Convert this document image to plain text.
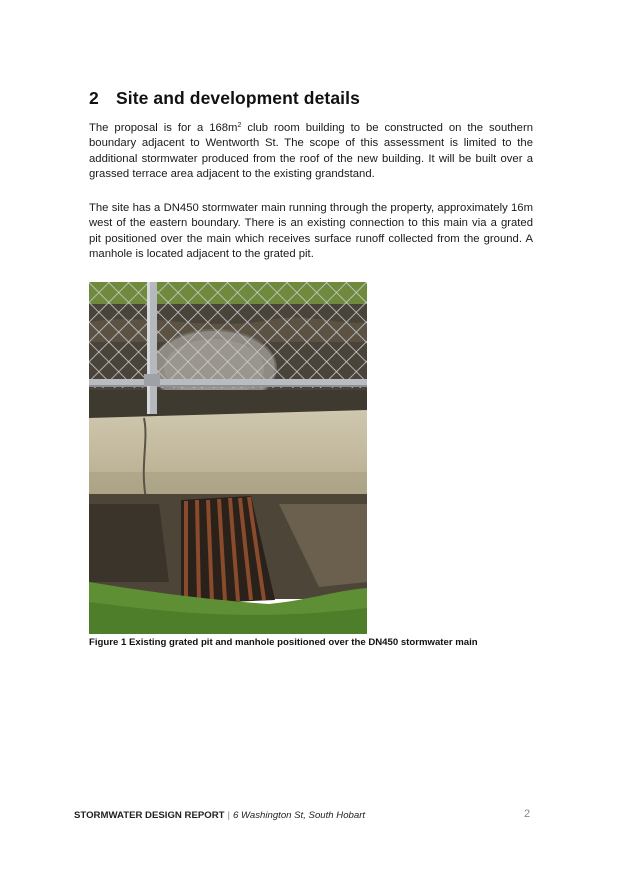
2 Site and development details

The proposal is for a $168m^2$ club room building to be constructed on the southern boundary adjacent to Wentworth St. The scope of this assessment is limited to the additional stormwater produced from the roof of the new building. It will be built over a grassed terrace area adjacent to the existing grandstand.

The site has a DN450 stormwater main running through the property, approximately 16m west of the eastern boundary. There is an existing connection to this main via a grated pit positioned over the main which receives surface runoff collected from the ground. A manhole is located adjacent to the grated pit.

Figure 1 Existing grated pit and manhole positioned over the DN450 stormwater main

STORMWATER DESIGN REPORT | 6 Washington St, South Hobart	2
